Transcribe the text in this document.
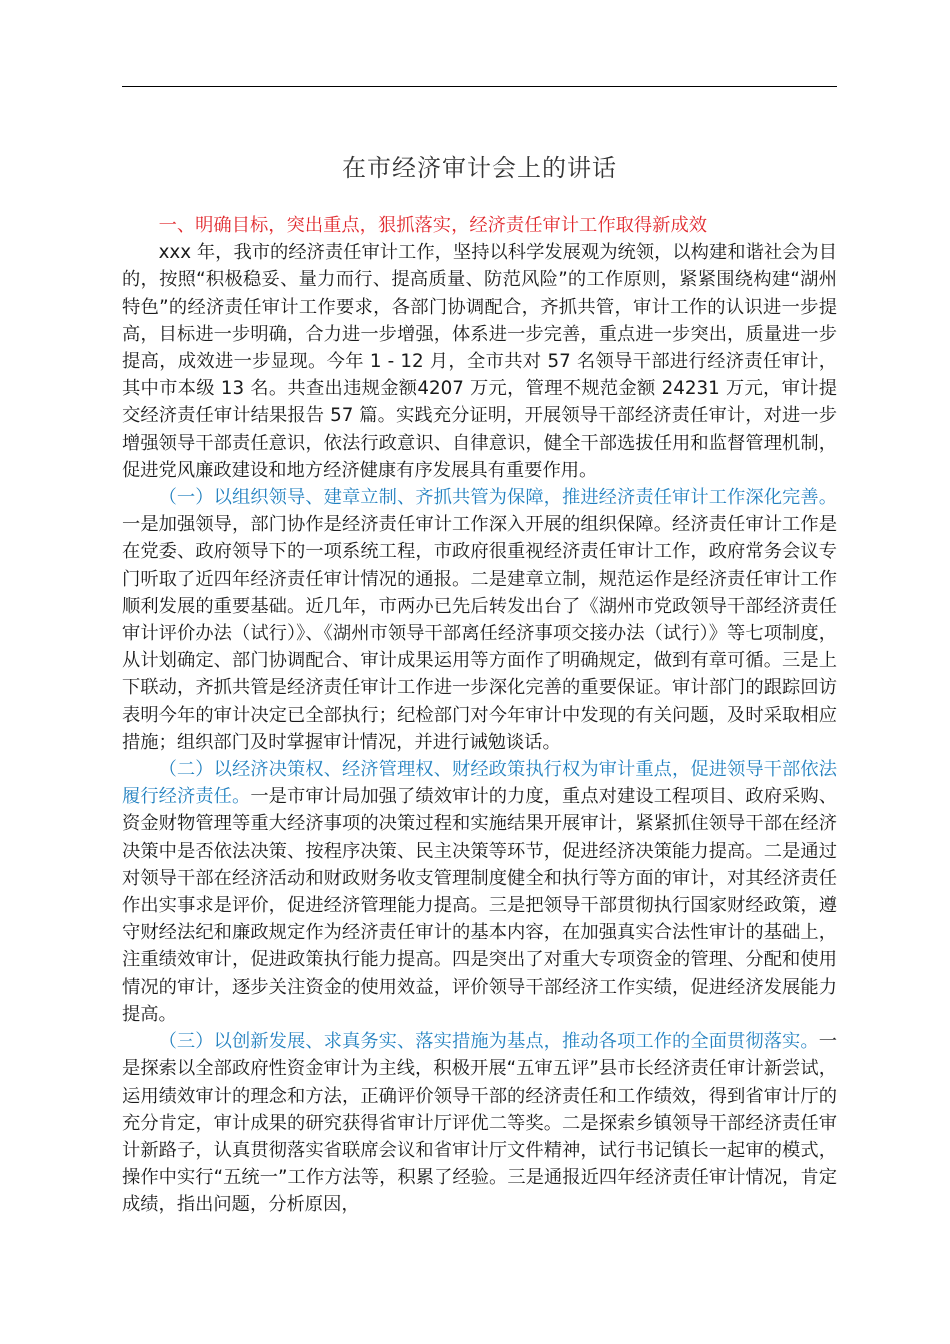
在市经济审计会上的讲话

一、明确目标，突出重点，狠抓落实，经济责任审计工作取得新成效

xxx 年，我市的经济责任审计工作，坚持以科学发展观为统领，以构建和谐社会为目的，按照“积极稳妥、量力而行、提高质量、防范风险”的工作原则，紧紧围绕构建“湖州特色”的经济责任审计工作要求，各部门协调配合，齐抓共管，审计工作的认识进一步提高，目标进一步明确，合力进一步增强，体系进一步完善，重点进一步突出，质量进一步提高，成效进一步显现。今年 1 - 12 月，全市共对 57 名领导干部进行经济责任审计，其中市本级 13 名。共查出违规金额4207 万元，管理不规范金额 24231 万元，审计提交经济责任审计结果报告 57 篇。实践充分证明，开展领导干部经济责任审计，对进一步增强领导干部责任意识，依法行政意识、自律意识，健全干部选拔任用和监督管理机制，促进党风廉政建设和地方经济健康有序发展具有重要作用。

（一）以组织领导、建章立制、齐抓共管为保障，推进经济责任审计工作深化完善。一是加强领导，部门协作是经济责任审计工作深入开展的组织保障。经济责任审计工作是在党委、政府领导下的一项系统工程，市政府很重视经济责任审计工作，政府常务会议专门听取了近四年经济责任审计情况的通报。二是建章立制，规范运作是经济责任审计工作顺利发展的重要基础。近几年，市两办已先后转发出台了《湖州市党政领导干部经济责任审计评价办法（试行）》、《湖州市领导干部离任经济事项交接办法（试行）》等七项制度，从计划确定、部门协调配合、审计成果运用等方面作了明确规定，做到有章可循。三是上下联动，齐抓共管是经济责任审计工作进一步深化完善的重要保证。审计部门的跟踪回访表明今年的审计决定已全部执行；纪检部门对今年审计中发现的有关问题，及时采取相应措施；组织部门及时掌握审计情况，并进行诫勉谈话。

（二）以经济决策权、经济管理权、财经政策执行权为审计重点，促进领导干部依法履行经济责任。一是市审计局加强了绩效审计的力度，重点对建设工程项目、政府采购、资金财物管理等重大经济事项的决策过程和实施结果开展审计，紧紧抓住领导干部在经济决策中是否依法决策、按程序决策、民主决策等环节，促进经济决策能力提高。二是通过对领导干部在经济活动和财政财务收支管理制度健全和执行等方面的审计，对其经济责任作出实事求是评价，促进经济管理能力提高。三是把领导干部贯彻执行国家财经政策，遵守财经法纪和廉政规定作为经济责任审计的基本内容，在加强真实合法性审计的基础上，注重绩效审计，促进政策执行能力提高。四是突出了对重大专项资金的管理、分配和使用情况的审计，逐步关注资金的使用效益，评价领导干部经济工作实绩，促进经济发展能力提高。

（三）以创新发展、求真务实、落实措施为基点，推动各项工作的全面贯彻落实。一是探索以全部政府性资金审计为主线，积极开展“五审五评”县市长经济责任审计新尝试，运用绩效审计的理念和方法，正确评价领导干部的经济责任和工作绩效，得到省审计厅的充分肯定，审计成果的研究获得省审计厅评优二等奖。二是探索乡镇领导干部经济责任审计新路子，认真贯彻落实省联席会议和省审计厅文件精神，试行书记镇长一起审的模式，操作中实行“五统一”工作方法等，积累了经验。三是通报近四年经济责任审计情况，肯定成绩，指出问题，分析原因，
